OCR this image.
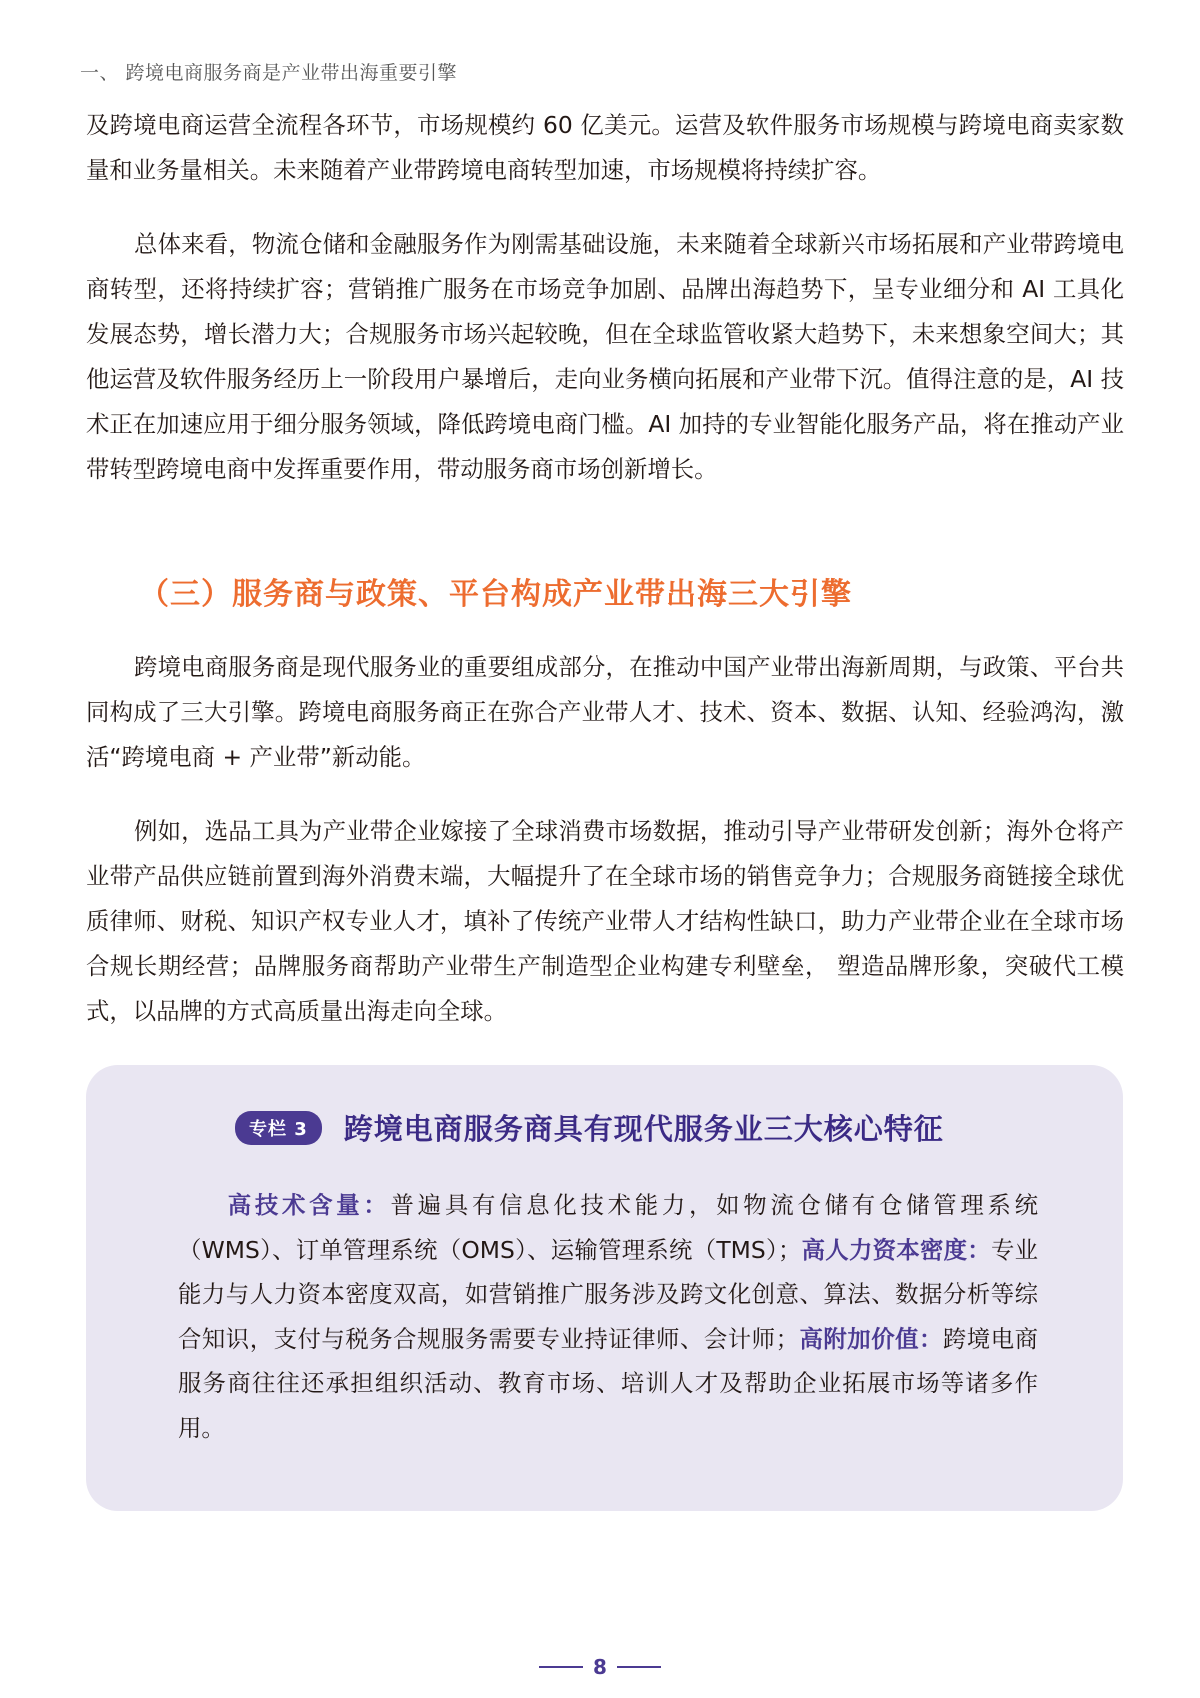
一、 跨境电商服务商是产业带出海重要引擎

及跨境电商运营全流程各环节，市场规模约 60 亿美元。运营及软件服务市场规模与跨境电商卖家数量和业务量相关。未来随着产业带跨境电商转型加速，市场规模将持续扩容。

总体来看，物流仓储和金融服务作为刚需基础设施，未来随着全球新兴市场拓展和产业带跨境电商转型，还将持续扩容；营销推广服务在市场竞争加剧、品牌出海趋势下，呈专业细分和 AI 工具化发展态势，增长潜力大；合规服务市场兴起较晚，但在全球监管收紧大趋势下，未来想象空间大；其他运营及软件服务经历上一阶段用户暴增后，走向业务横向拓展和产业带下沉。值得注意的是，AI 技术正在加速应用于细分服务领域，降低跨境电商门槛。AI 加持的专业智能化服务产品，将在推动产业带转型跨境电商中发挥重要作用，带动服务商市场创新增长。

（三）服务商与政策、平台构成产业带出海三大引擎

跨境电商服务商是现代服务业的重要组成部分，在推动中国产业带出海新周期，与政策、平台共同构成了三大引擎。跨境电商服务商正在弥合产业带人才、技术、资本、数据、认知、经验鸿沟，激活“跨境电商 + 产业带”新动能。

例如，选品工具为产业带企业嫁接了全球消费市场数据，推动引导产业带研发创新；海外仓将产业带产品供应链前置到海外消费末端，大幅提升了在全球市场的销售竞争力；合规服务商链接全球优质律师、财税、知识产权专业人才，填补了传统产业带人才结构性缺口，助力产业带企业在全球市场合规长期经营；品牌服务商帮助产业带生产制造型企业构建专利壁垒， 塑造品牌形象，突破代工模式，以品牌的方式高质量出海走向全球。

专栏 3	跨境电商服务商具有现代服务业三大核心特征
高技术含量：普遍具有信息化技术能力，如物流仓储有仓储管理系统（WMS）、订单管理系统（OMS）、运输管理系统（TMS）；高人力资本密度：专业能力与人力资本密度双高，如营销推广服务涉及跨文化创意、算法、数据分析等综合知识，支付与税务合规服务需要专业持证律师、会计师；高附加价值：跨境电商服务商往往还承担组织活动、教育市场、培训人才及帮助企业拓展市场等诸多作用。
8
